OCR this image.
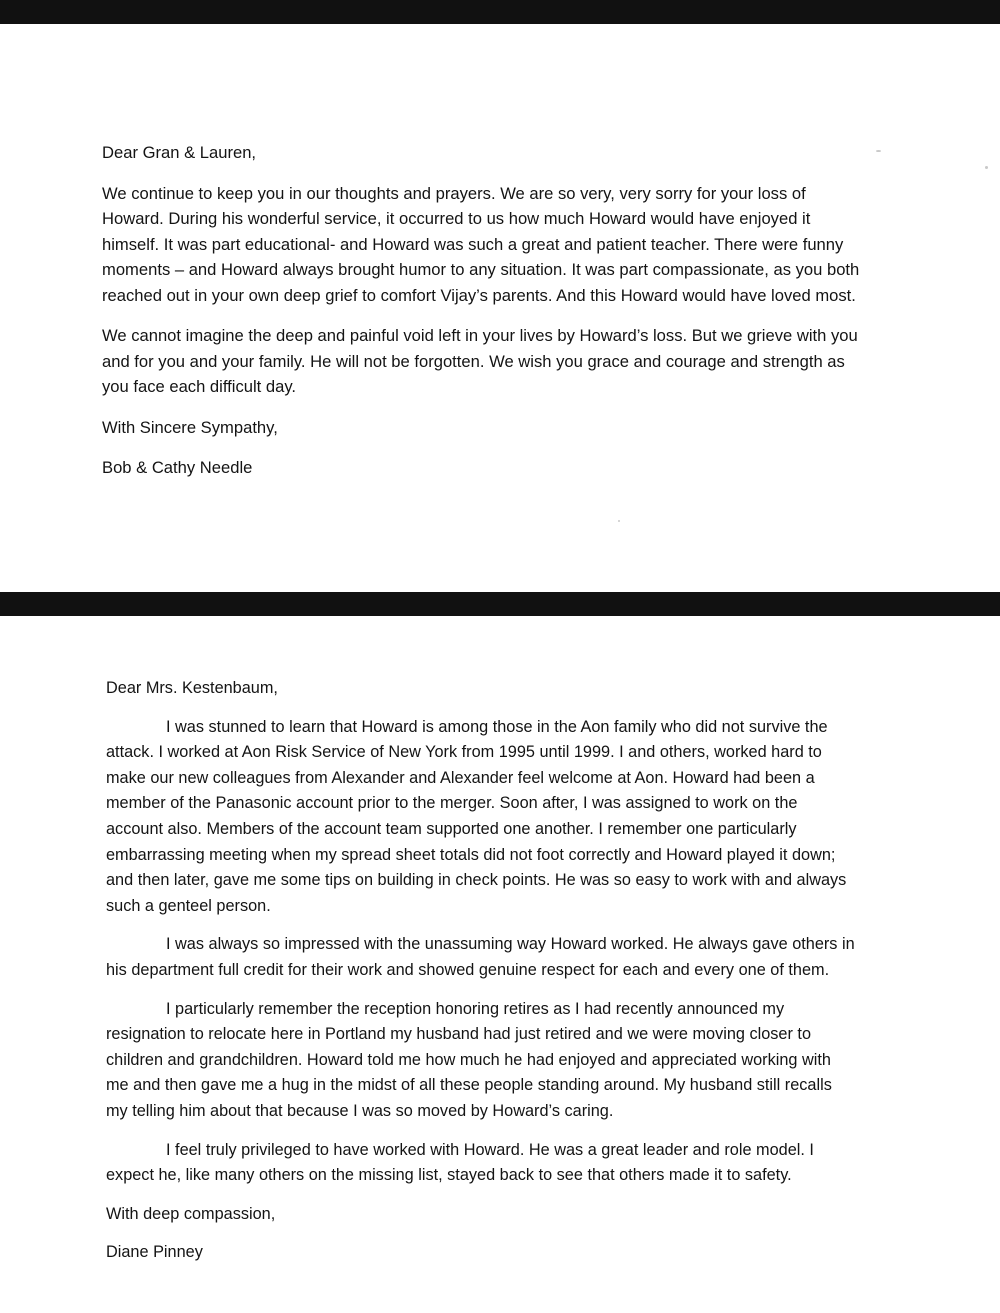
Dear Gran & Lauren,

We continue to keep you in our thoughts and prayers. We are so very, very sorry for your loss of
Howard. During his wonderful service, it occurred to us how much Howard would have enjoyed it
himself. It was part educational- and Howard was such a great and patient teacher. There were funny
moments – and Howard always brought humor to any situation. It was part compassionate, as you both
reached out in your own deep grief to comfort Vijay’s parents. And this Howard would have loved most.

We cannot imagine the deep and painful void left in your lives by Howard’s loss. But we grieve with you
and for you and your family. He will not be forgotten. We wish you grace and courage and strength as
you face each difficult day.

With Sincere Sympathy,

Bob & Cathy Needle

Dear Mrs. Kestenbaum,

I was stunned to learn that Howard is among those in the Aon family who did not survive the
attack. I worked at Aon Risk Service of New York from 1995 until 1999. I and others, worked hard to
make our new colleagues from Alexander and Alexander feel welcome at Aon. Howard had been a
member of the Panasonic account prior to the merger. Soon after, I was assigned to work on the
account also. Members of the account team supported one another. I remember one particularly
embarrassing meeting when my spread sheet totals did not foot correctly and Howard played it down;
and then later, gave me some tips on building in check points. He was so easy to work with and always
such a genteel person.

I was always so impressed with the unassuming way Howard worked. He always gave others in
his department full credit for their work and showed genuine respect for each and every one of them.

I particularly remember the reception honoring retires as I had recently announced my
resignation to relocate here in Portland my husband had just retired and we were moving closer to
children and grandchildren. Howard told me how much he had enjoyed and appreciated working with
me and then gave me a hug in the midst of all these people standing around. My husband still recalls
my telling him about that because I was so moved by Howard’s caring.

I feel truly privileged to have worked with Howard. He was a great leader and role model. I
expect he, like many others on the missing list, stayed back to see that others made it to safety.

With deep compassion,

Diane Pinney
